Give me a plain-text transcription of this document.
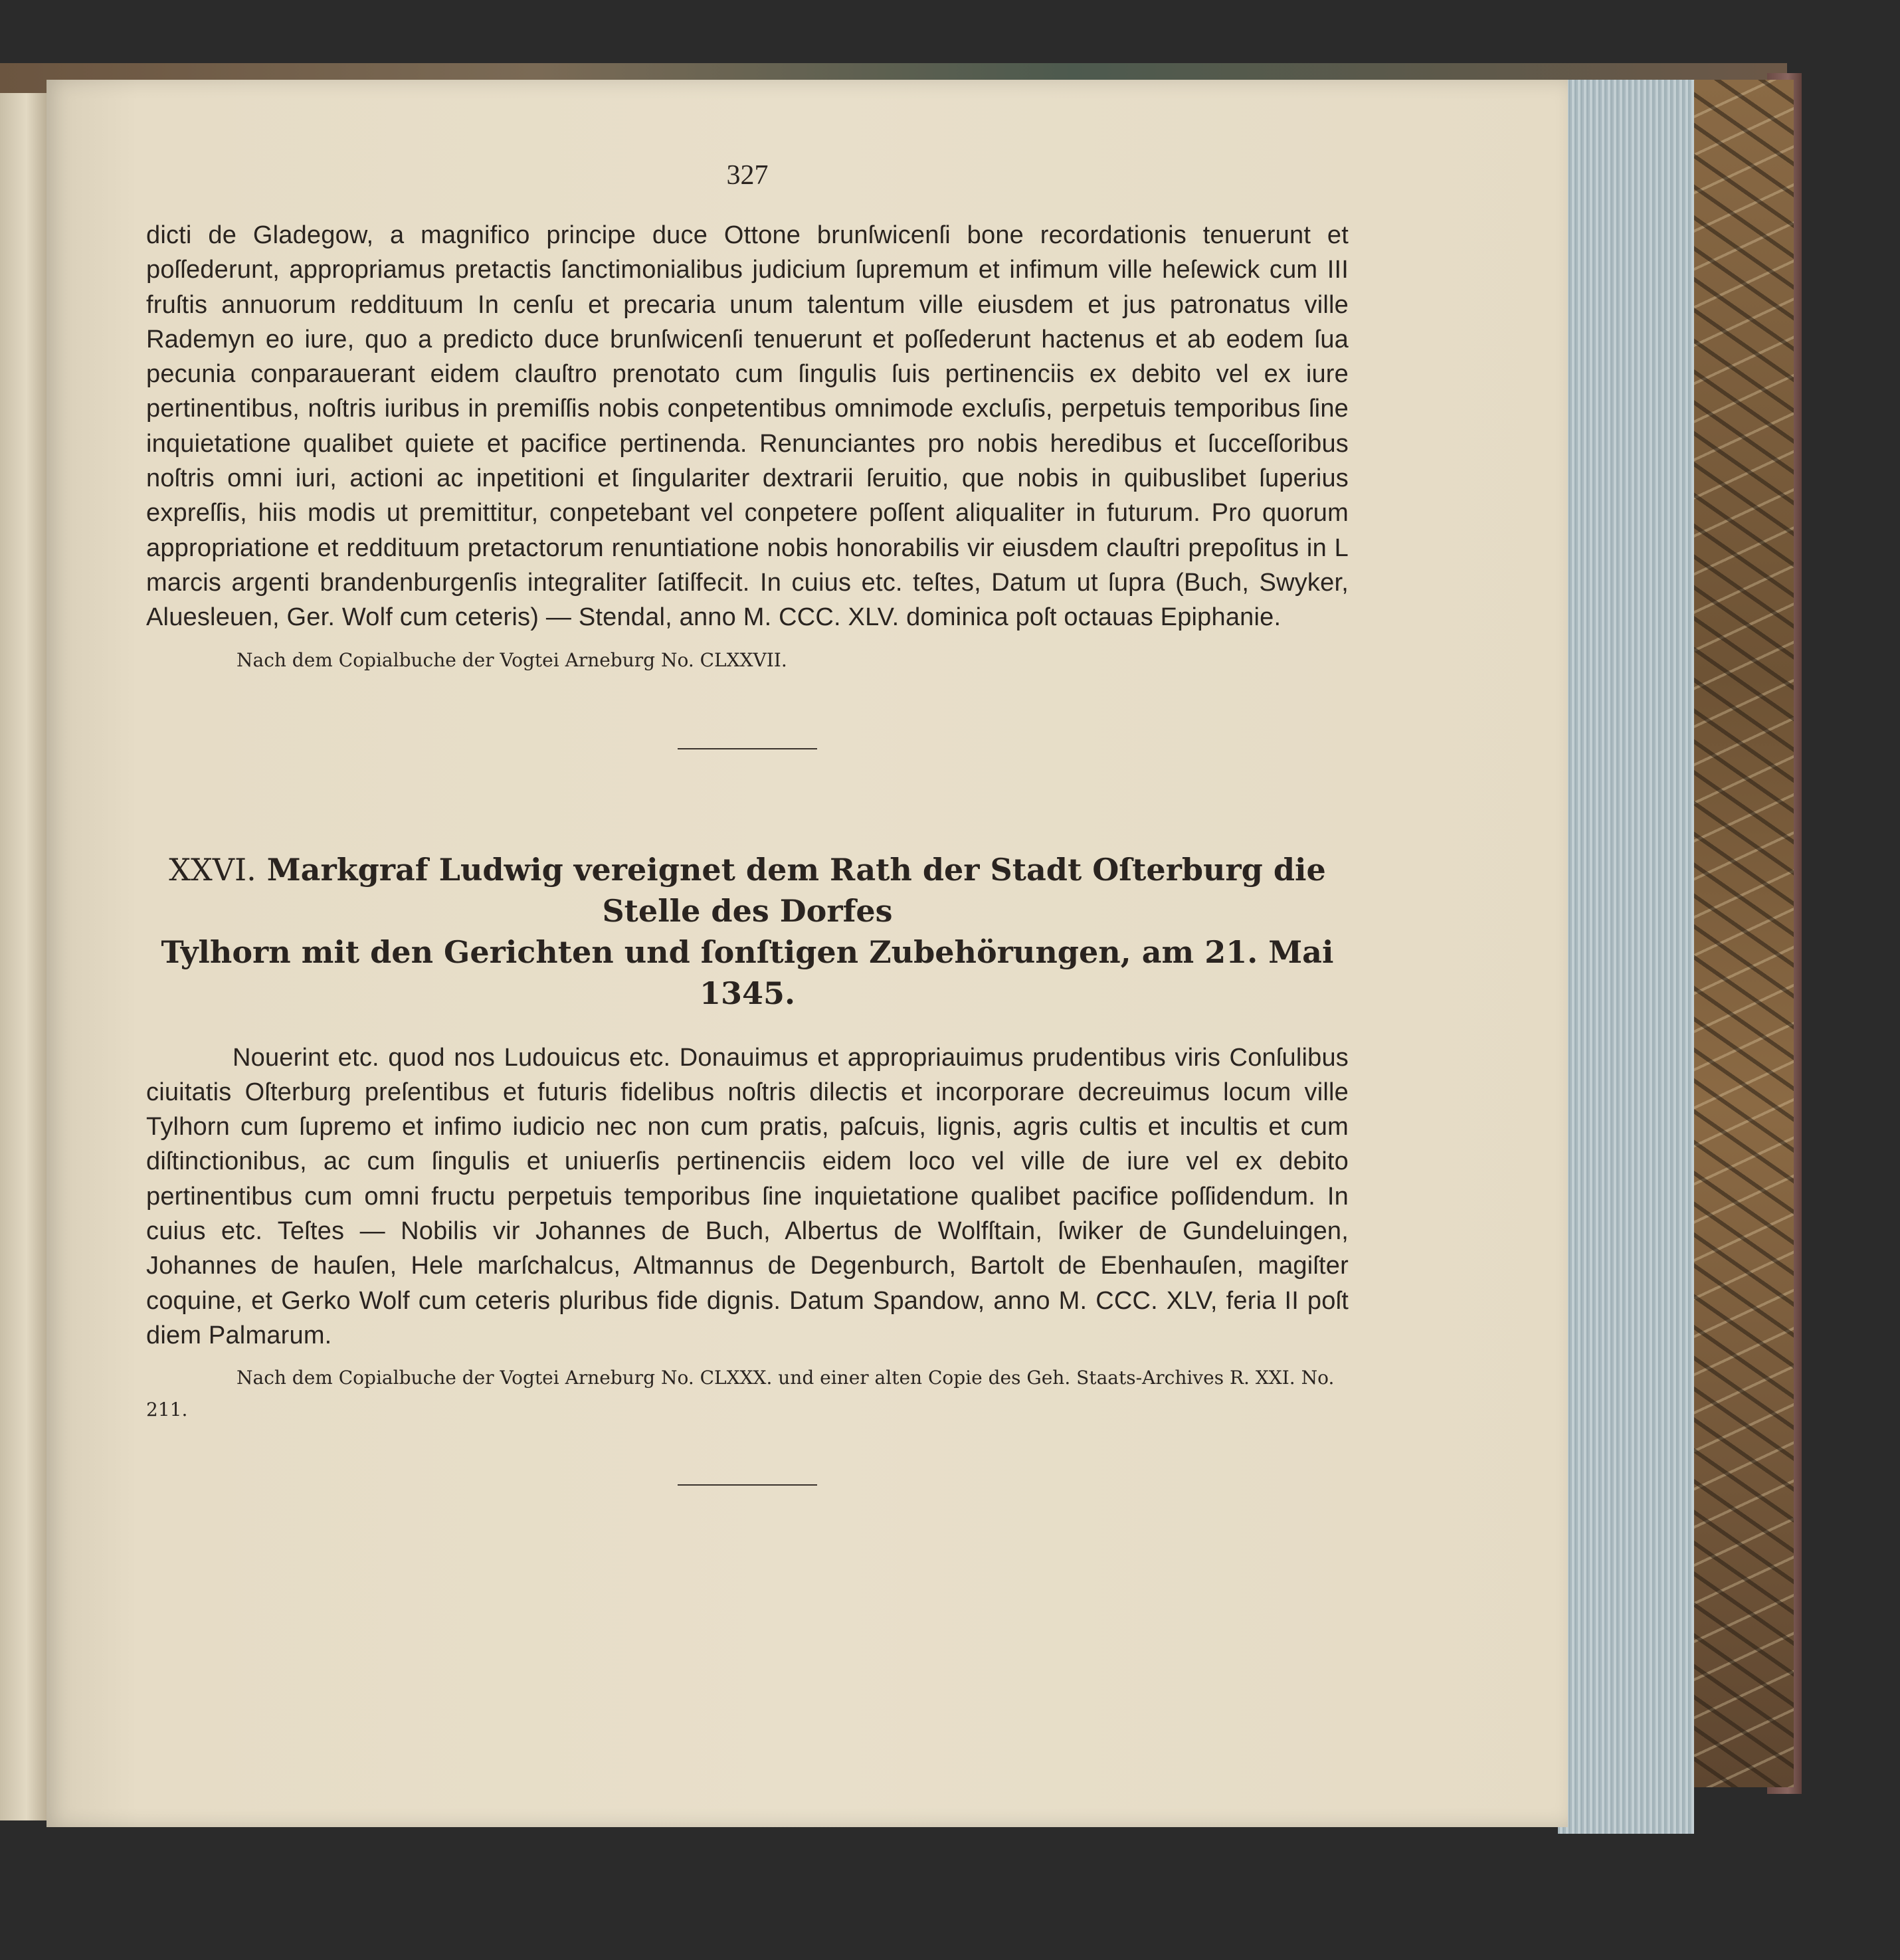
327

dicti de Gladegow, a magnifico principe duce Ottone brunſwicenſi bone recordationis tenuerunt et poſſederunt, appropriamus pretactis ſanctimonialibus judicium ſupremum et infimum ville heſewick cum III fruſtis annuorum reddituum In cenſu et precaria unum talentum ville eiusdem et jus patronatus ville Rademyn eo iure, quo a predicto duce brunſwicenſi tenuerunt et poſſederunt hactenus et ab eodem ſua pecunia conparauerant eidem clauſtro prenotato cum ſingulis ſuis pertinenciis ex debito vel ex iure pertinentibus, noſtris iuribus in premiſſis nobis conpetentibus omnimode excluſis, perpetuis temporibus ſine inquietatione qualibet quiete et pacifice pertinenda. Renunciantes pro nobis heredibus et ſucceſſoribus noſtris omni iuri, actioni ac inpetitioni et ſingulariter dextrarii ſeruitio, que nobis in quibuslibet ſuperius expreſſis, hiis modis ut premittitur, conpetebant vel conpetere poſſent aliqualiter in futurum. Pro quorum appropriatione et reddituum pretactorum renuntiatione nobis honorabilis vir eiusdem clauſtri prepoſitus in L marcis argenti brandenburgenſis integraliter ſatiſfecit. In cuius etc. teſtes, Datum ut ſupra (Buch, Swyker, Aluesleuen, Ger. Wolf cum ceteris) — Stendal, anno M. CCC. XLV. dominica poſt octauas Epiphanie.

Nach dem Copialbuche der Vogtei Arneburg No. CLXXVII.

XXVI. Markgraf Ludwig vereignet dem Rath der Stadt Oſterburg die Stelle des Dorfes
Tylhorn mit den Gerichten und ſonſtigen Zubehörungen, am 21. Mai 1345.

Nouerint etc. quod nos Ludouicus etc. Donauimus et appropriauimus prudentibus viris Conſulibus ciuitatis Oſterburg preſentibus et futuris fidelibus noſtris dilectis et incorporare decreuimus locum ville Tylhorn cum ſupremo et infimo iudicio nec non cum pratis, paſcuis, lignis, agris cultis et incultis et cum diſtinctionibus, ac cum ſingulis et uniuerſis pertinenciis eidem loco vel ville de iure vel ex debito pertinentibus cum omni fructu perpetuis temporibus ſine inquietatione qualibet pacifice poſſidendum. In cuius etc. Teſtes — Nobilis vir Johannes de Buch, Albertus de Wolfſtain, ſwiker de Gundeluingen, Johannes de hauſen, Hele marſchalcus, Altmannus de Degenburch, Bartolt de Ebenhauſen, magiſter coquine, et Gerko Wolf cum ceteris pluribus fide dignis. Datum Spandow, anno M. CCC. XLV, feria II poſt diem Palmarum.

Nach dem Copialbuche der Vogtei Arneburg No. CLXXX. und einer alten Copie des Geh. Staats-Archives R. XXI. No. 211.
